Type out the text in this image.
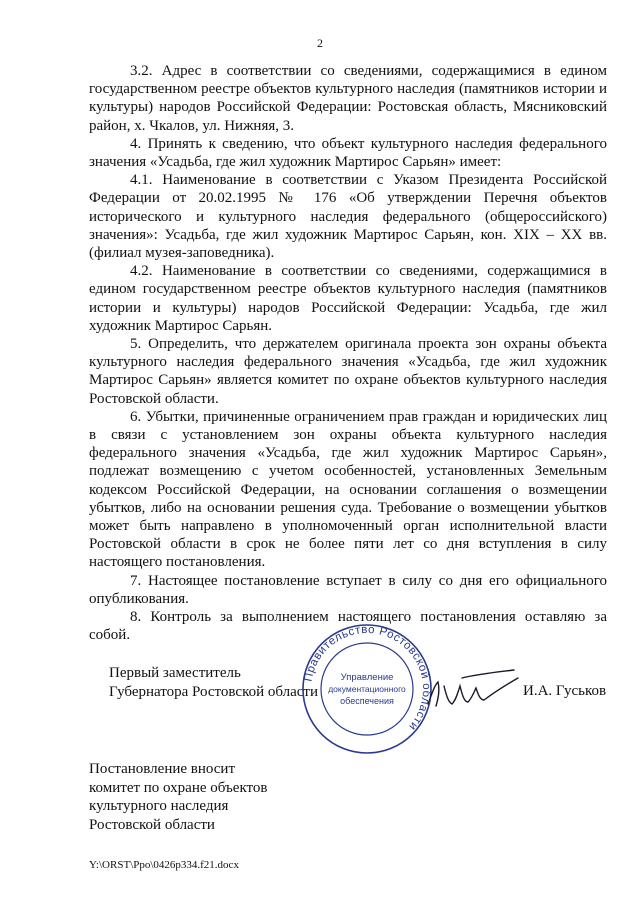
2

3.2. Адрес в соответствии со сведениями, содержащимися в едином государственном реестре объектов культурного наследия (памятников истории и культуры) народов Российской Федерации: Ростовская область, Мясниковский район, х. Чкалов, ул. Нижняя, 3.

4. Принять к сведению, что объект культурного наследия федерального значения «Усадьба, где жил художник Мартирос Сарьян» имеет:

4.1. Наименование в соответствии с Указом Президента Российской Федерации от 20.02.1995 № 176 «Об утверждении Перечня объектов исторического и культурного наследия федерального (общероссийского) значения»: Усадьба, где жил художник Мартирос Сарьян, кон. XIX – XX вв. (филиал музея-заповедника).

4.2. Наименование в соответствии со сведениями, содержащимися в едином государственном реестре объектов культурного наследия (памятников истории и культуры) народов Российской Федерации: Усадьба, где жил художник Мартирос Сарьян.

5. Определить, что держателем оригинала проекта зон охраны объекта культурного наследия федерального значения «Усадьба, где жил художник Мартирос Сарьян» является комитет по охране объектов культурного наследия Ростовской области.

6. Убытки, причиненные ограничением прав граждан и юридических лиц в связи с установлением зон охраны объекта культурного наследия федерального значения «Усадьба, где жил художник Мартирос Сарьян», подлежат возмещению с учетом особенностей, установленных Земельным кодексом Российской Федерации, на основании соглашения о возмещении убытков, либо на основании решения суда. Требование о возмещении убытков может быть направлено в уполномоченный орган исполнительной власти Ростовской области в срок не более пяти лет со дня вступления в силу настоящего постановления.

7. Настоящее постановление вступает в силу со дня его официального опубликования.

8. Контроль за выполнением настоящего постановления оставляю за собой.

Первый заместитель
Губернатора Ростовской области
Правительство Ростовской области
Управление
документационного
обеспечения
И.А. Гуськов
Постановление вносит
комитет по охране объектов
культурного наследия
Ростовской области
Y:\ORST\Ppo\0426p334.f21.docx
